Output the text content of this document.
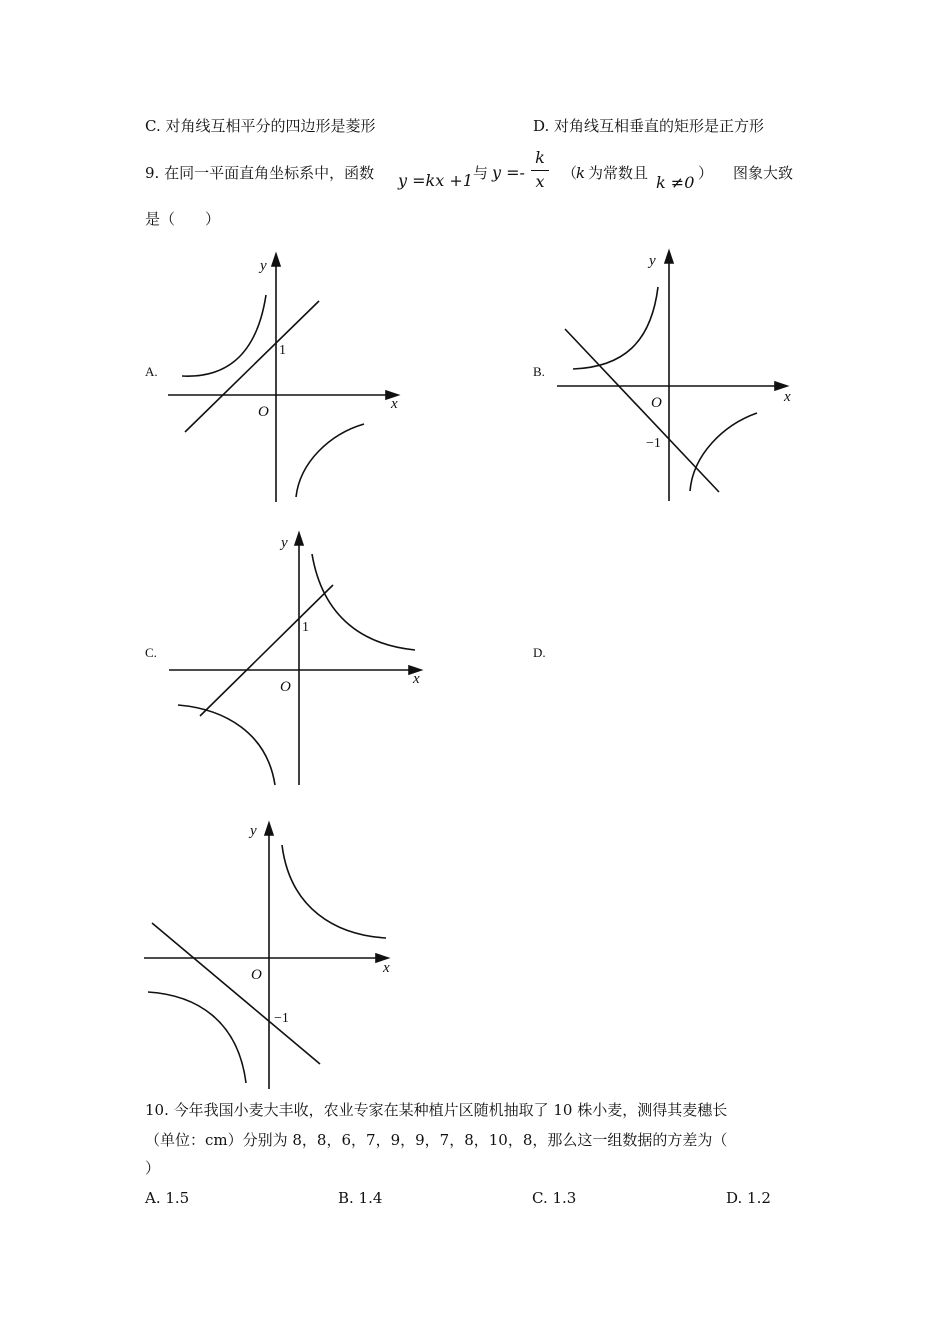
C. 对角线互相平分的四边形是菱形	D. 对角线互相垂直的矩形是正方形
9. 在同一平面直角坐标系中，函数 y =kx +1 与 y =-
k
x （
k 为常数且 k ≠0 ） 图象大致
是（　　）
A.
y
x
O
1
B.
y
x
O
−1
C.
y
x
O
1
D.
y
x
O
−1
10. 今年我国小麦大丰收，农业专家在某种植片区随机抽取了 10 株小麦，测得其麦穗长
（单位：cm）分别为 8，8，6，7，9，9，7，8，10，8，那么这一组数据的方差为（
）
A. 1.5	B. 1.4	C. 1.3	D. 1.2
